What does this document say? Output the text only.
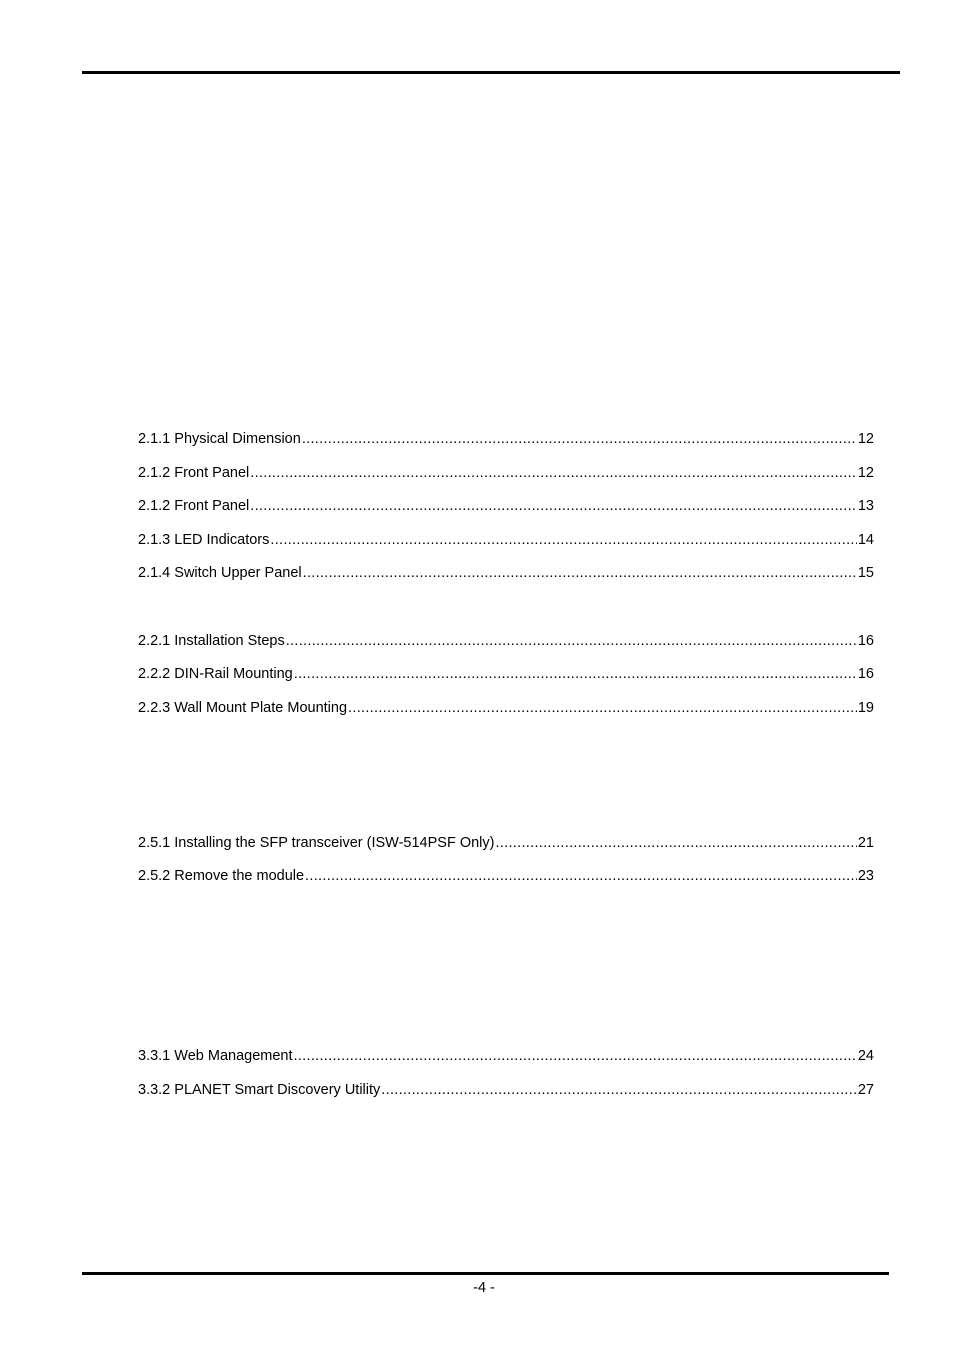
2.1.1 Physical Dimension .....	12
2.1.2 Front Panel .....	12
2.1.2 Front Panel .....	13
2.1.3 LED Indicators .....	14
2.1.4 Switch Upper Panel .....	15
2.2.1 Installation Steps .....	16
2.2.2 DIN-Rail Mounting .....	16
2.2.3 Wall Mount Plate Mounting .....	19
2.5.1 Installing the SFP transceiver (ISW-514PSF Only) .....	21
2.5.2 Remove the module .....	23
3.3.1 Web Management .....	24
3.3.2 PLANET Smart Discovery Utility .....	27
-4 -
